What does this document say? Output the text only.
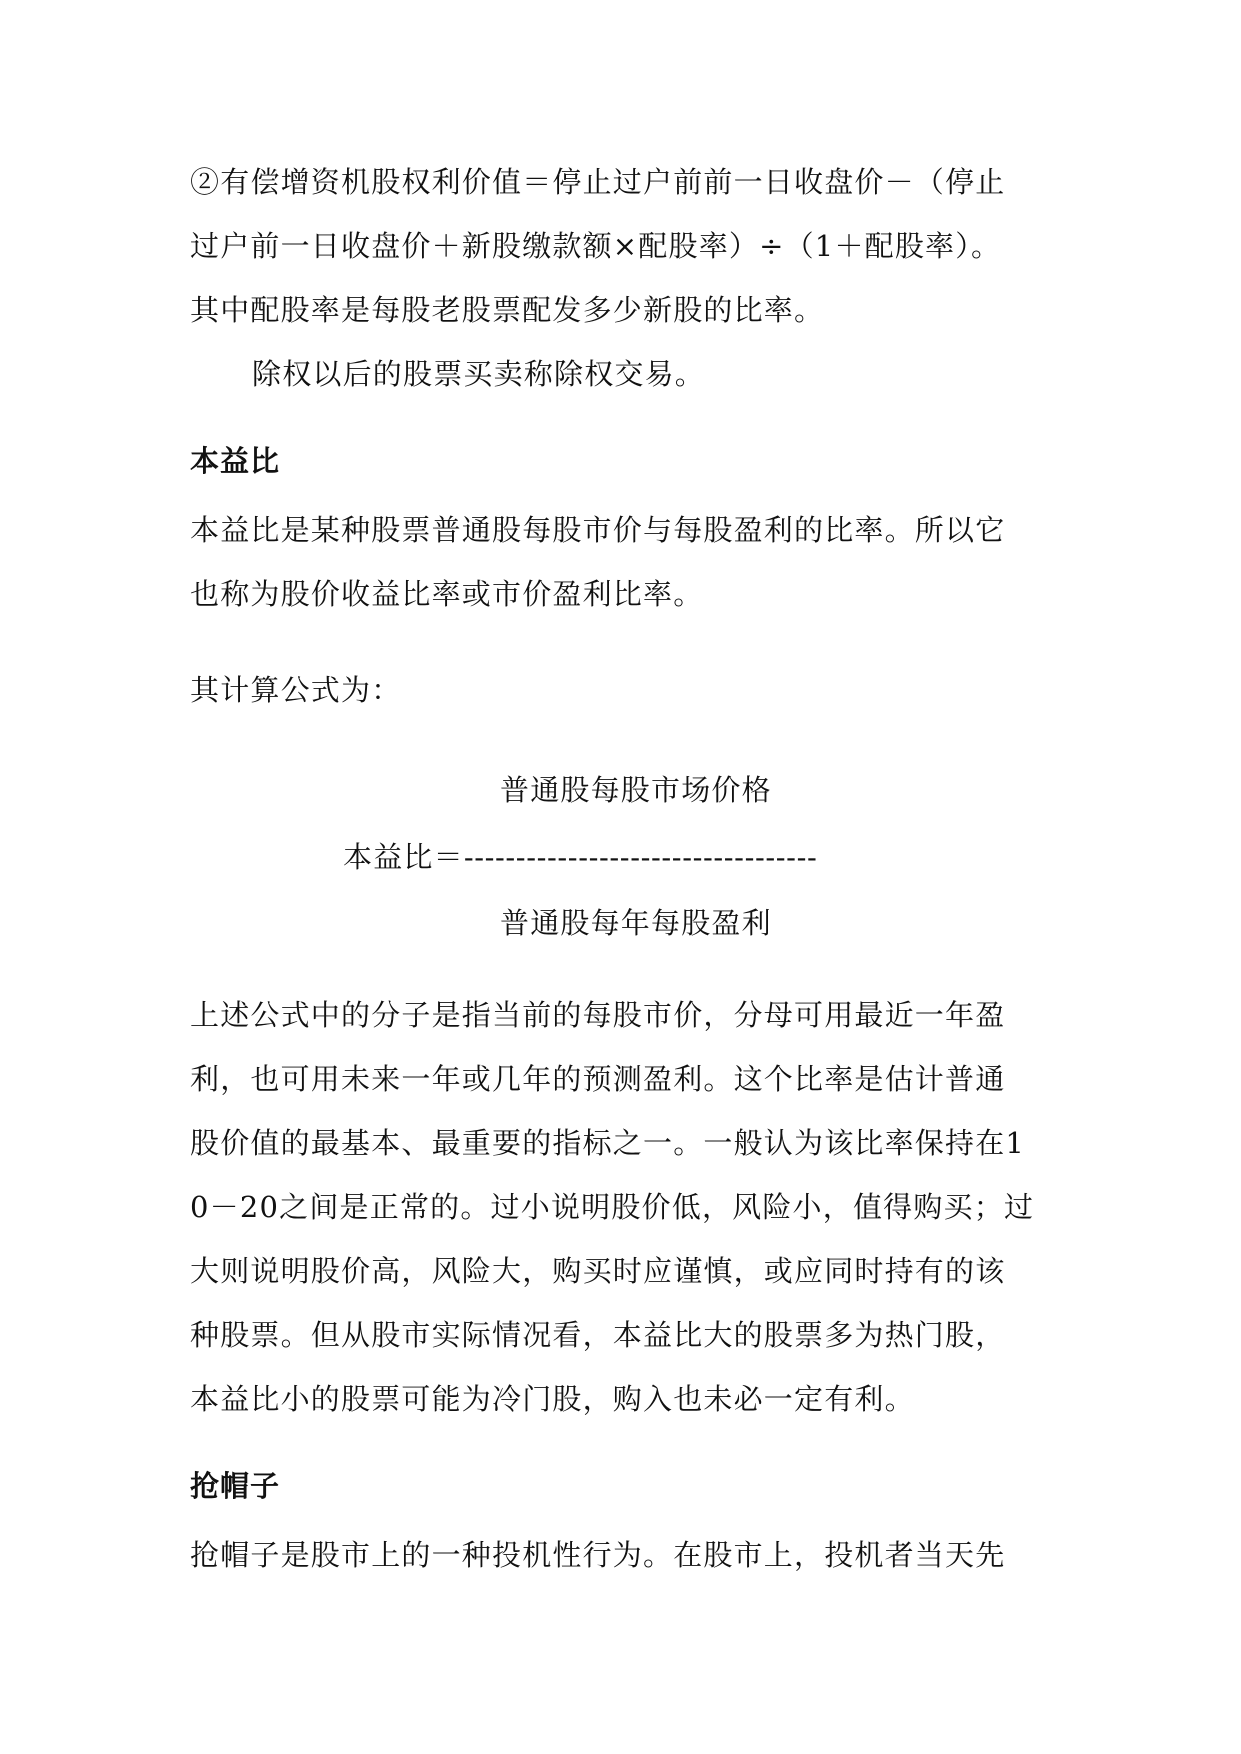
②有偿增资机股权利价值＝停止过户前前一日收盘价－（停止
过户前一日收盘价＋新股缴款额×配股率）÷（1＋配股率）。
其中配股率是每股老股票配发多少新股的比率。
除权以后的股票买卖称除权交易。
本益比
本益比是某种股票普通股每股市价与每股盈利的比率。所以它
也称为股价收益比率或市价盈利比率。
其计算公式为：
普通股每股市场价格
本益比＝----------------------------------
普通股每年每股盈利
上述公式中的分子是指当前的每股市价，分母可用最近一年盈
利，也可用未来一年或几年的预测盈利。这个比率是估计普通
股价值的最基本、最重要的指标之一。一般认为该比率保持在1
0－20之间是正常的。过小说明股价低，风险小，值得购买；过
大则说明股价高，风险大，购买时应谨慎，或应同时持有的该
种股票。但从股市实际情况看，本益比大的股票多为热门股，
本益比小的股票可能为冷门股，购入也未必一定有利。
抢帽子
抢帽子是股市上的一种投机性行为。在股市上，投机者当天先
